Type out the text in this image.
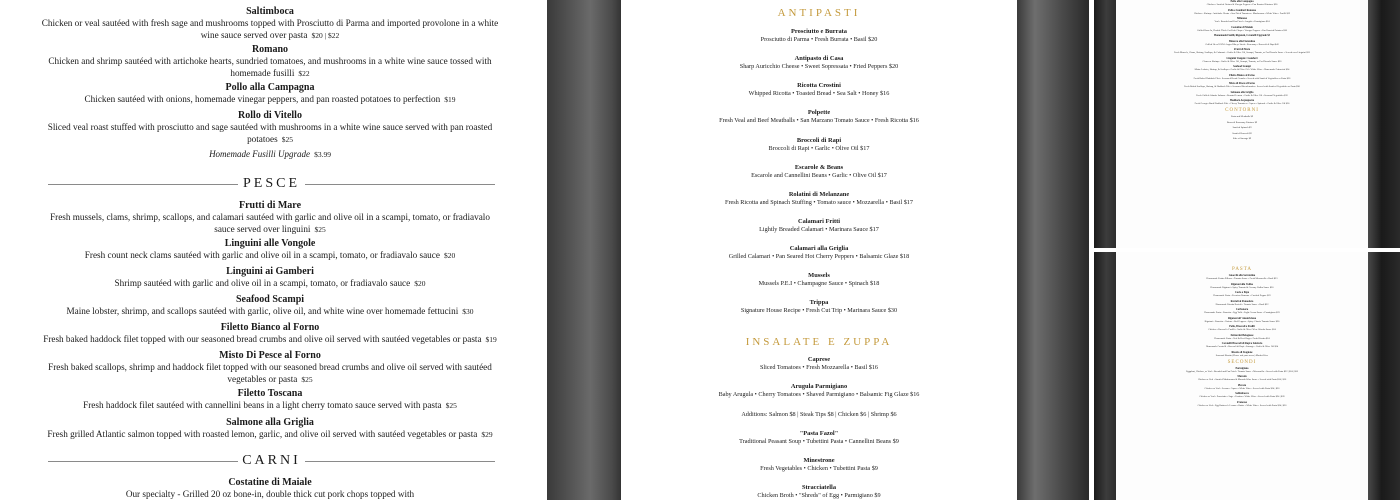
Saltimboca
Chicken or veal sautéed with fresh sage and mushrooms topped with Prosciutto di Parma and imported provolone in a white wine sauce served over pasta $20 | $22
Romano
Chicken and shrimp sautéed with artichoke hearts, sundried tomatoes, and mushrooms in a white wine sauce tossed with homemade fusilli $22
Pollo alla Campagna
Chicken sautéed with onions, homemade vinegar peppers, and pan roasted potatoes to perfection $19
Rollo di Vitello
Sliced veal roast stuffed with prosciutto and sage sautéed with mushrooms in a white wine sauce served with pan roasted potatoes $25
Homemade Fusilli Upgrade $3.99
PESCE
Frutti di Mare
Fresh mussels, clams, shrimp, scallops, and calamari sautéed with garlic and olive oil in a scampi, tomato, or fradiavalo sauce served over linguini $25
Linguini alle Vongole
Fresh count neck clams sautéed with garlic and olive oil in a scampi, tomato, or fradiavalo sauce $20
Linguini ai Gamberi
Shrimp sautéed with garlic and olive oil in a scampi, tomato, or fradiavalo sauce $20
Seafood Scampi
Maine lobster, shrimp, and scallops sautéed with garlic, olive oil, and white wine over homemade fettucini $30
Filetto Bianco al Forno
Fresh baked haddock filet topped with our seasoned bread crumbs and olive oil served with sautéed vegetables or pasta $19
Misto Di Pesce al Forno
Fresh baked scallops, shrimp and haddock filet topped with our seasoned bread crumbs and olive oil served with sautéed vegetables or pasta $25
Filetto Toscana
Fresh haddock filet sautéed with cannellini beans in a light cherry tomato sauce served with pasta $25
Salmone alla Griglia
Fresh grilled Atlantic salmon topped with roasted lemon, garlic, and olive oil served with sautéed vegetables or pasta $29
CARNI
Costatine di Maiale
Our specialty - Grilled 20 oz bone-in, double thick cut pork chops topped with
ANTIPASTI
Prosciutto e Burrata
Prosciutto di Parma • Fresh Burrata • Basil $20
Antipasto di Casa
Sharp Auricchio Cheese • Sweet Sopressata • Fried Peppers $20
Ricotta Crostini
Whipped Ricotta • Toasted Bread • Sea Salt • Honey $16
Polpette
Fresh Veal and Beef Meatballs • San Marzano Tomato Sauce • Fresh Ricotta $16
Broccoli di Rapi
Broccoli di Rapi • Garlic • Olive Oil $17
Escarole & Beans
Escarole and Cannellini Beans • Garlic • Olive Oil $17
Rolatini di Melanzane
Fresh Ricotta and Spinach Stuffing • Tomato sauce • Mozzarella • Basil $17
Calamari Fritti
Lightly Breaded Calamari • Marinara Sauce $17
Calamari alla Griglia
Grilled Calamari • Pan Seared Hot Cherry Peppers • Balsamic Glaze $18
Mussels
Mussels P.E.I • Champagne Sauce • Spinach $18
Trippa
Signature House Recipe • Fresh Cut Trip • Marinara Sauce $30
INSALATE E ZUPPA
Caprese
Sliced Tomatoes • Fresh Mozzarella • Basil $16
Arugula Parmigiano
Baby Arugula • Cherry Tomatoes • Shaved Parmigiano • Balsamic Fig Glaze $16
Additions: Salmon $8 | Steak Tips $8 | Chicken $6 | Shrimp $6
"Pasta Fazol"
Traditional Peasant Soup • Tubettini Pasta • Cannellini Beans $9
Minestrone
Fresh Vegetables • Chicken • Tubettini Pasta $9
Stracciatella
Chicken Broth • "Shreds" of Egg • Parmigiano $9
Pollo alla Campagna
Chicken • Sautéed Onions & Vinegar Peppers • Pan Roasted Potatoes $20
Pollo e Gamberi Romano
Chicken • Shrimp • Artichoke Hearts • Sun Dried Tomatoes • Mushrooms • White Wine • Fusilli $22
Milanese
Veal • Breaded and Pan Fried • Arugula • Parmigiano $24
Costatine di Maiale
Grilled Bone-In, Double Thick Cut Pork Chops • Vinegar Peppers • Pan Roasted Potatoes $30
Homemade Fusilli, Rigatoni, Cavatelli Upgrade $3
Bistecca alla Fiorentina
Grilled 24 oz USDA Angus Ribeye Steak • Rosemary • Broccoli di Rapi $42
Frutti di Mare
Fresh Mussels, Clams, Shrimp, Scallops, & Calamari • Garlic & Olive Oil, Scampi, Tomato, or Fra Diavolo Sauce • Served over Linguini $32
Linguini Vongole / Gamberi
Clams or Shrimp • Garlic & Olive Oil, Scampi, Tomato, or Fra Diavolo Sauce $26
Seafood Scampi
Maine Lobster, Shrimp, & Scallops • Garlic & Olive Oil • White Wine • Homemade Fettuccini $34
Filetto Bianco al Forno
Fresh Baked Haddock Filet • Seasoned Bread Crumbs • Served with Sautéed Vegetables or Pasta $26
Misto di Pesce al Forno
Fresh Baked Scallops, Shrimp, & Haddock Filet • Seasoned Breadcrumbs • Served with Sautéed Vegetables or Pasta $30
Salmone alla Griglia
Fresh Grilled Atlantic Salmon • Roasted Lemon • Garlic & Olive Oil • Seasonal Vegetables $32
Haddock Acquapazza
Fresh Georges Bank Haddock Filet • Cherry Tomatoes • Capers • Spinach • Garlic & Olive Oil $30
CONTORNI
Pasta and Meatballs $9
Broccoli Rosemary Potatoes $9
Sautéed Spinach $9
Sautéed Broccoli $9
Side of Sausage $9
PASTA
Gnocchi alla Sorrentina
Homemade Potato Pillows • Tomato Sauce • Fresh Mozzarella • Basil $23
Rigatoni alla Vodka
Homemade Rigatoni • Spicy Tomato & Creamy Vodka Sauce $20
Cacio e Pepe
Homemade Pasta • Pecorino Romano • Cracked Pepper $22
Ravioli al Pomodoro
Homemade Ricotta Ravioli • Tomato Sauce • Basil $22
Carbonara
Homemade Pasta • Pancetta • Egg Yolk • Light Cream Sauce • Parmigiano $23
Rigatoni all' Amatriciana
Rigatoni • Pancetta • Onions • Red Peppers • Spicy Classic Tomato Sauce $20
Pollo, Broccoli e Fusilli
Chicken • Broccoli • Fusilli • Garlic & Olive Oil or Alfredo Sauce $24
Fettuccini Bolognese
Homemade Pasta • Veal & Beef Ragu • Fresh Ricotta $24
Cavatelli Broccoli di Rapi e Salsiccia
Homemade Cavatelli • Broccoli di Rapi • Sausage • Garlic & Olive Oil $24
Risotto di Stagione
Seasonal Risotto (Please ask your server) Market Price
SECONDI
Parmigiana
Eggplant, Chicken, or Veal • Breaded and Pan Fried • Tomato Sauce • Mozzarella • Served with Pasta $22 | $24 | $26
Marsala
Chicken or Veal • Sautéed Mushrooms & Marsala Wine Sauce • Served with Pasta $24 | $26
Piccata
Chicken or Veal • Lemon • Capers • White Wine • Served with Pasta $24 | $26
Saltimbocca
Chicken or Veal • Prosciutto • Sage • Fontina • White Wine • Served with Pasta $24 | $26
Francese
Chicken or Veal • Egg Battered • Lemon • Butter • White Wine • Served with Pasta $24 | $26
